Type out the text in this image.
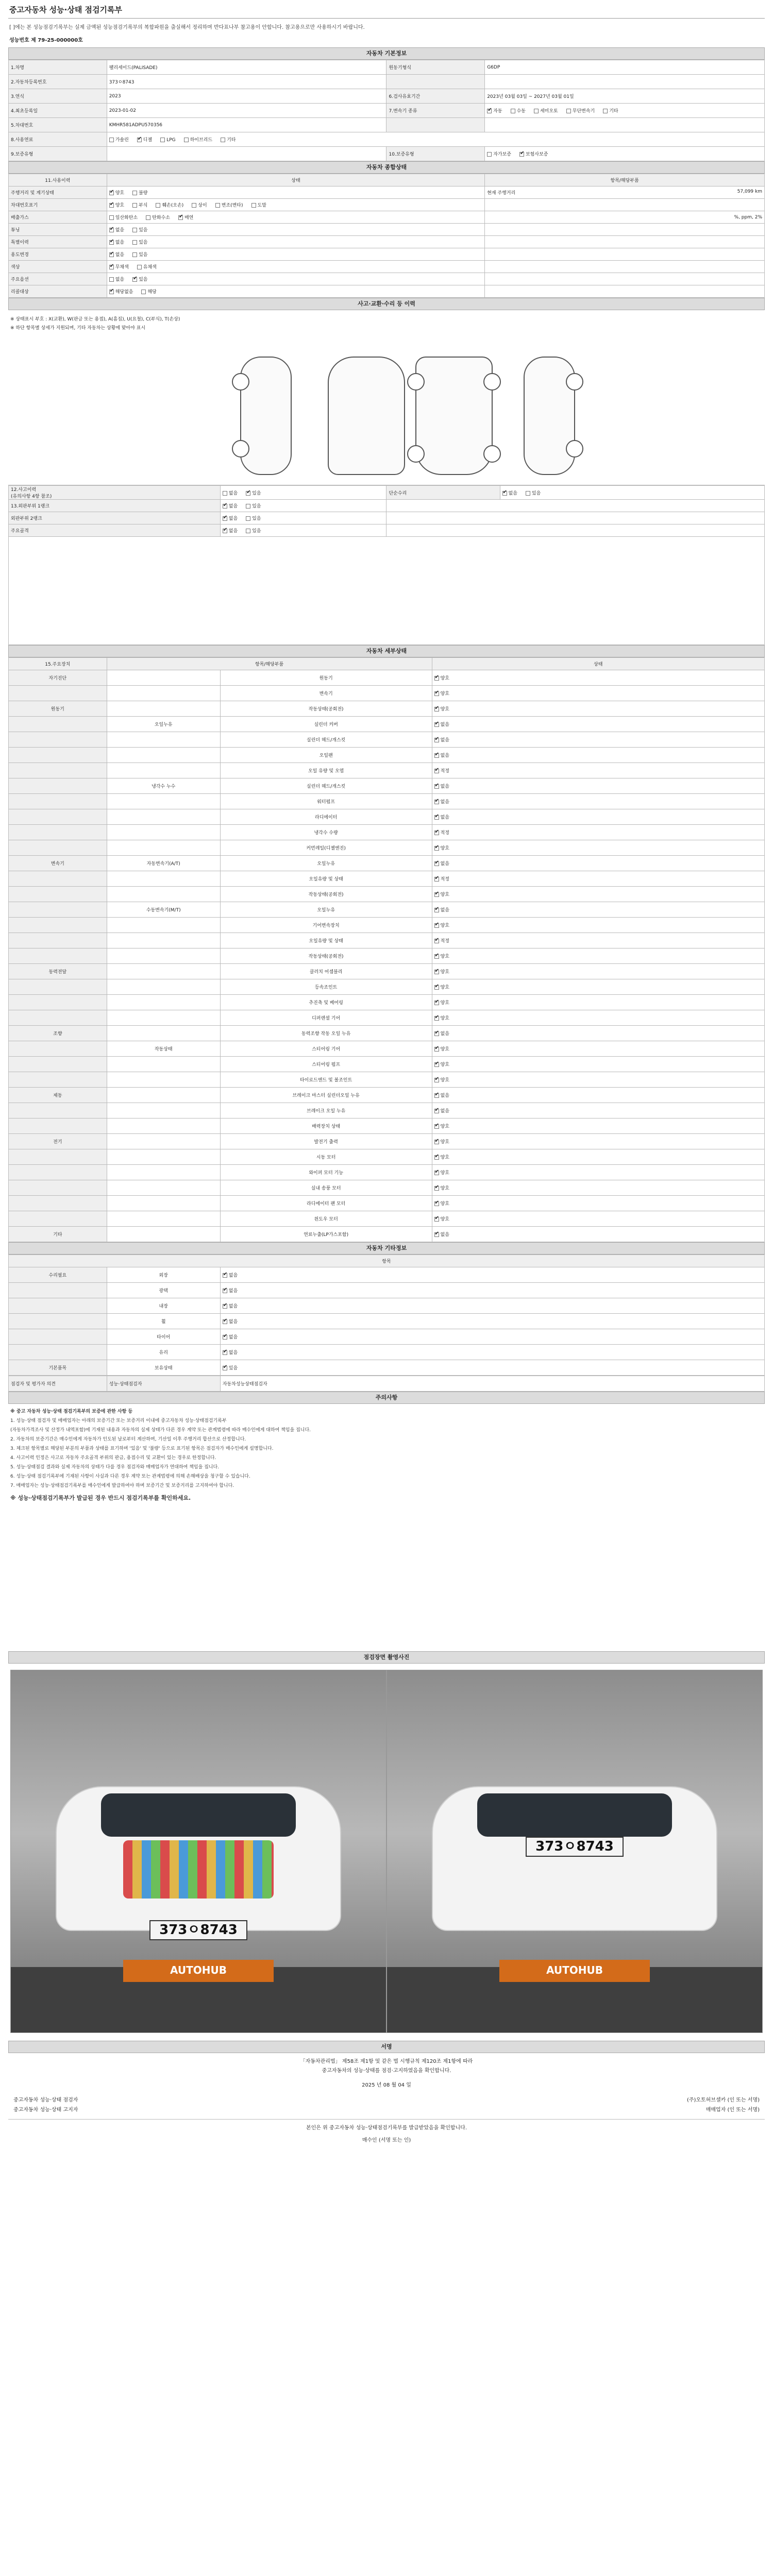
중고자동차 성능·상태 점검기록부
[ ]에는 본 성능점검기록부는 실제 금액된 성능점검기록부의 복합파원을 출실해서 정리하며 반다표나부 참고용이 안합니다. 참고용으로만 사용하시기 바랍니다.
성능번호 제 79-25-000000호
자동차 기본정보
1.차명	팰리세이드(PALISADE)	원동기형식	G6DP
2.자동차등록번호	373ㅇ8743		
3.연식	2023	6.검사유효기간	2023년 03월 03일 ~ 2027년 03월 01일
4.최초등록일	2023-01-02	7.변속기 종류	✔자동 수동 세미오토 무단변속기 기타
5.차대번호	KMHR581ADPU570356		
8.사용연료	가솔린 ✔ 디젤 LPG 하이브리드 기타
9.보증유형		10.보증유형	자가보증 ✔ 보험사보증
자동차 종합상태
11.사용이력	상태	항목/해당부품
주행거리 및 계기상태	✔양호 불량	현재 주행거리 57,099 km

차대번호표기	✔양호 부식 훼손(오손) 상이 변조(변타) 도말	
배출가스	일산화탄소 탄화수소 ✔ 매연	%, ppm, 2%

튜닝	✔없음 있음	
특별이력	✔없음 있음	
용도변경	✔없음 있음	
색상	✔무채색 유채색	
주요옵션	없음 ✔ 있음	
리콜대상	✔해당없음 해당	
사고·교환·수리 등 이력
※ 상태표시 부호 : X(교환), W(판금 또는 용접), A(흠집), U(요철), C(부식), T(손상)
※ 하단 항목별 상세가 지원되며, 기타 자동차는 상황에 맞아야 표시
12.사고이력
(유의사항 4항 참조)	없음 ✔ 있음	단순수리	✔없음 있음
13.외판부위 1랭크	✔없음 있음	
외판부위 2랭크	✔없음 있음	
주요골격	✔없음 있음	
자동차 세부상태
15.주요장치	항목/해당부품		상태
자기진단		원동기	✔양호
		변속기	✔양호
원동기		작동상태(공회전)	✔양호
	오일누유	실린더 커버	✔없음
		실린더 헤드/개스킷	✔없음
		오일팬	✔없음
		오일 유량 및 오염	✔적정
	냉각수 누수	실린더 헤드/개스킷	✔없음
		워터펌프	✔없음
		라디에이터	✔없음
		냉각수 수량	✔적정
		커먼레일(디젤엔진)	✔양호
변속기	자동변속기(A/T)	오일누유	✔없음
		오일유량 및 상태	✔적정
		작동상태(공회전)	✔양호
	수동변속기(M/T)	오일누유	✔없음
		기어변속장치	✔양호
		오일유량 및 상태	✔적정
		작동상태(공회전)	✔양호
동력전달		클러치 어셈블리	✔양호
		등속조인트	✔양호
		추진축 및 베어링	✔양호
		디퍼렌셜 기어	✔양호
조향		동력조향 작동 오일 누유	✔없음
	작동상태	스티어링 기어	✔양호
		스티어링 펌프	✔양호
		타이로드엔드 및 볼조인트	✔양호
제동		브레이크 마스터 실린더오일 누유	✔없음
		브레이크 오일 누유	✔없음
		배력장치 상태	✔양호
전기		발전기 출력	✔양호
		시동 모터	✔양호
		와이퍼 모터 기능	✔양호
		실내 송풍 모터	✔양호
		라디에이터 팬 모터	✔양호
		윈도우 모터	✔양호
기타		연료누출(LP가스포함)	✔없음
자동차 기타정보
항목		
수리필요	외장	✔없음
	광택	✔없음
	내장	✔없음
	휠	✔없음
	타이어	✔없음
	유리	✔없음
기본품목	보유상태	✔있음
점검자 및 평가자 의견	성능·상태점검자	자동차성능상태점검자
주의사항

※ 중고 자동차 성능·상태 점검기록부의 보증에 관한 사항 등

1. 성능·상태 점검자 및 매매업자는 아래의 보증기간 또는 보증거리 이내에 중고자동차 성능·상태점검기록부

(자동차가격조사 및 산정가 내역포함)에 기재된 내용과 자동차의 실제 상태가 다른 경우 계약 또는 관계법령에 따라 매수인에게 대하여 책임을 집니다.

2. 자동차의 보증기간은 매수인에게 자동차가 인도된 날로부터 계산하며, 기산일 이후 주행거리 합산으로 산정합니다.

3. 체크된 항목별로 해당된 부분의 부품과 상태를 표기하며 '있음' 및 '불량' 등으로 표기된 항목은 점검자가 매수인에게 설명합니다.

4. 사고이력 인정은 사고로 자동차 주요골격 부위의 판금, 용접수리 및 교환이 있는 경우로 한정합니다.

5. 성능·상태점검 결과와 실제 자동차의 상태가 다를 경우 점검자와 매매업자가 연대하여 책임을 집니다.

6. 성능·상태 점검기록부에 기재된 사항이 사실과 다른 경우 계약 또는 관계법령에 의해 손해배상을 청구할 수 있습니다.

7. 매매업자는 성능·상태점검기록부를 매수인에게 발급하여야 하며 보증기간 및 보증거리를 고지하여야 합니다.

※ 성능·상태점검기록부가 발급된 경우 반드시 점검기록부를 확인하세요.

점검장면 촬영사진
373ㅇ8743
AUTOHUB
373ㅇ8743
AUTOHUB
서명
「자동차관리법」 제58조 제1항 및 같은 법 시행규칙 제120조 제1항에 따라
중고자동차의 성능·상태를 점검·고지하였음을 확인합니다.
2025 년 08 월 04 일
중고자동차 성능·상태 점검자	(주)오토허브셀카 (인 또는 서명)
중고자동차 성능·상태 고지자	매매업자 (인 또는 서명)
본인은 위 중고자동차 성능·상태점검기록부를 발급받았음을 확인합니다.
매수인 (서명 또는 인)
